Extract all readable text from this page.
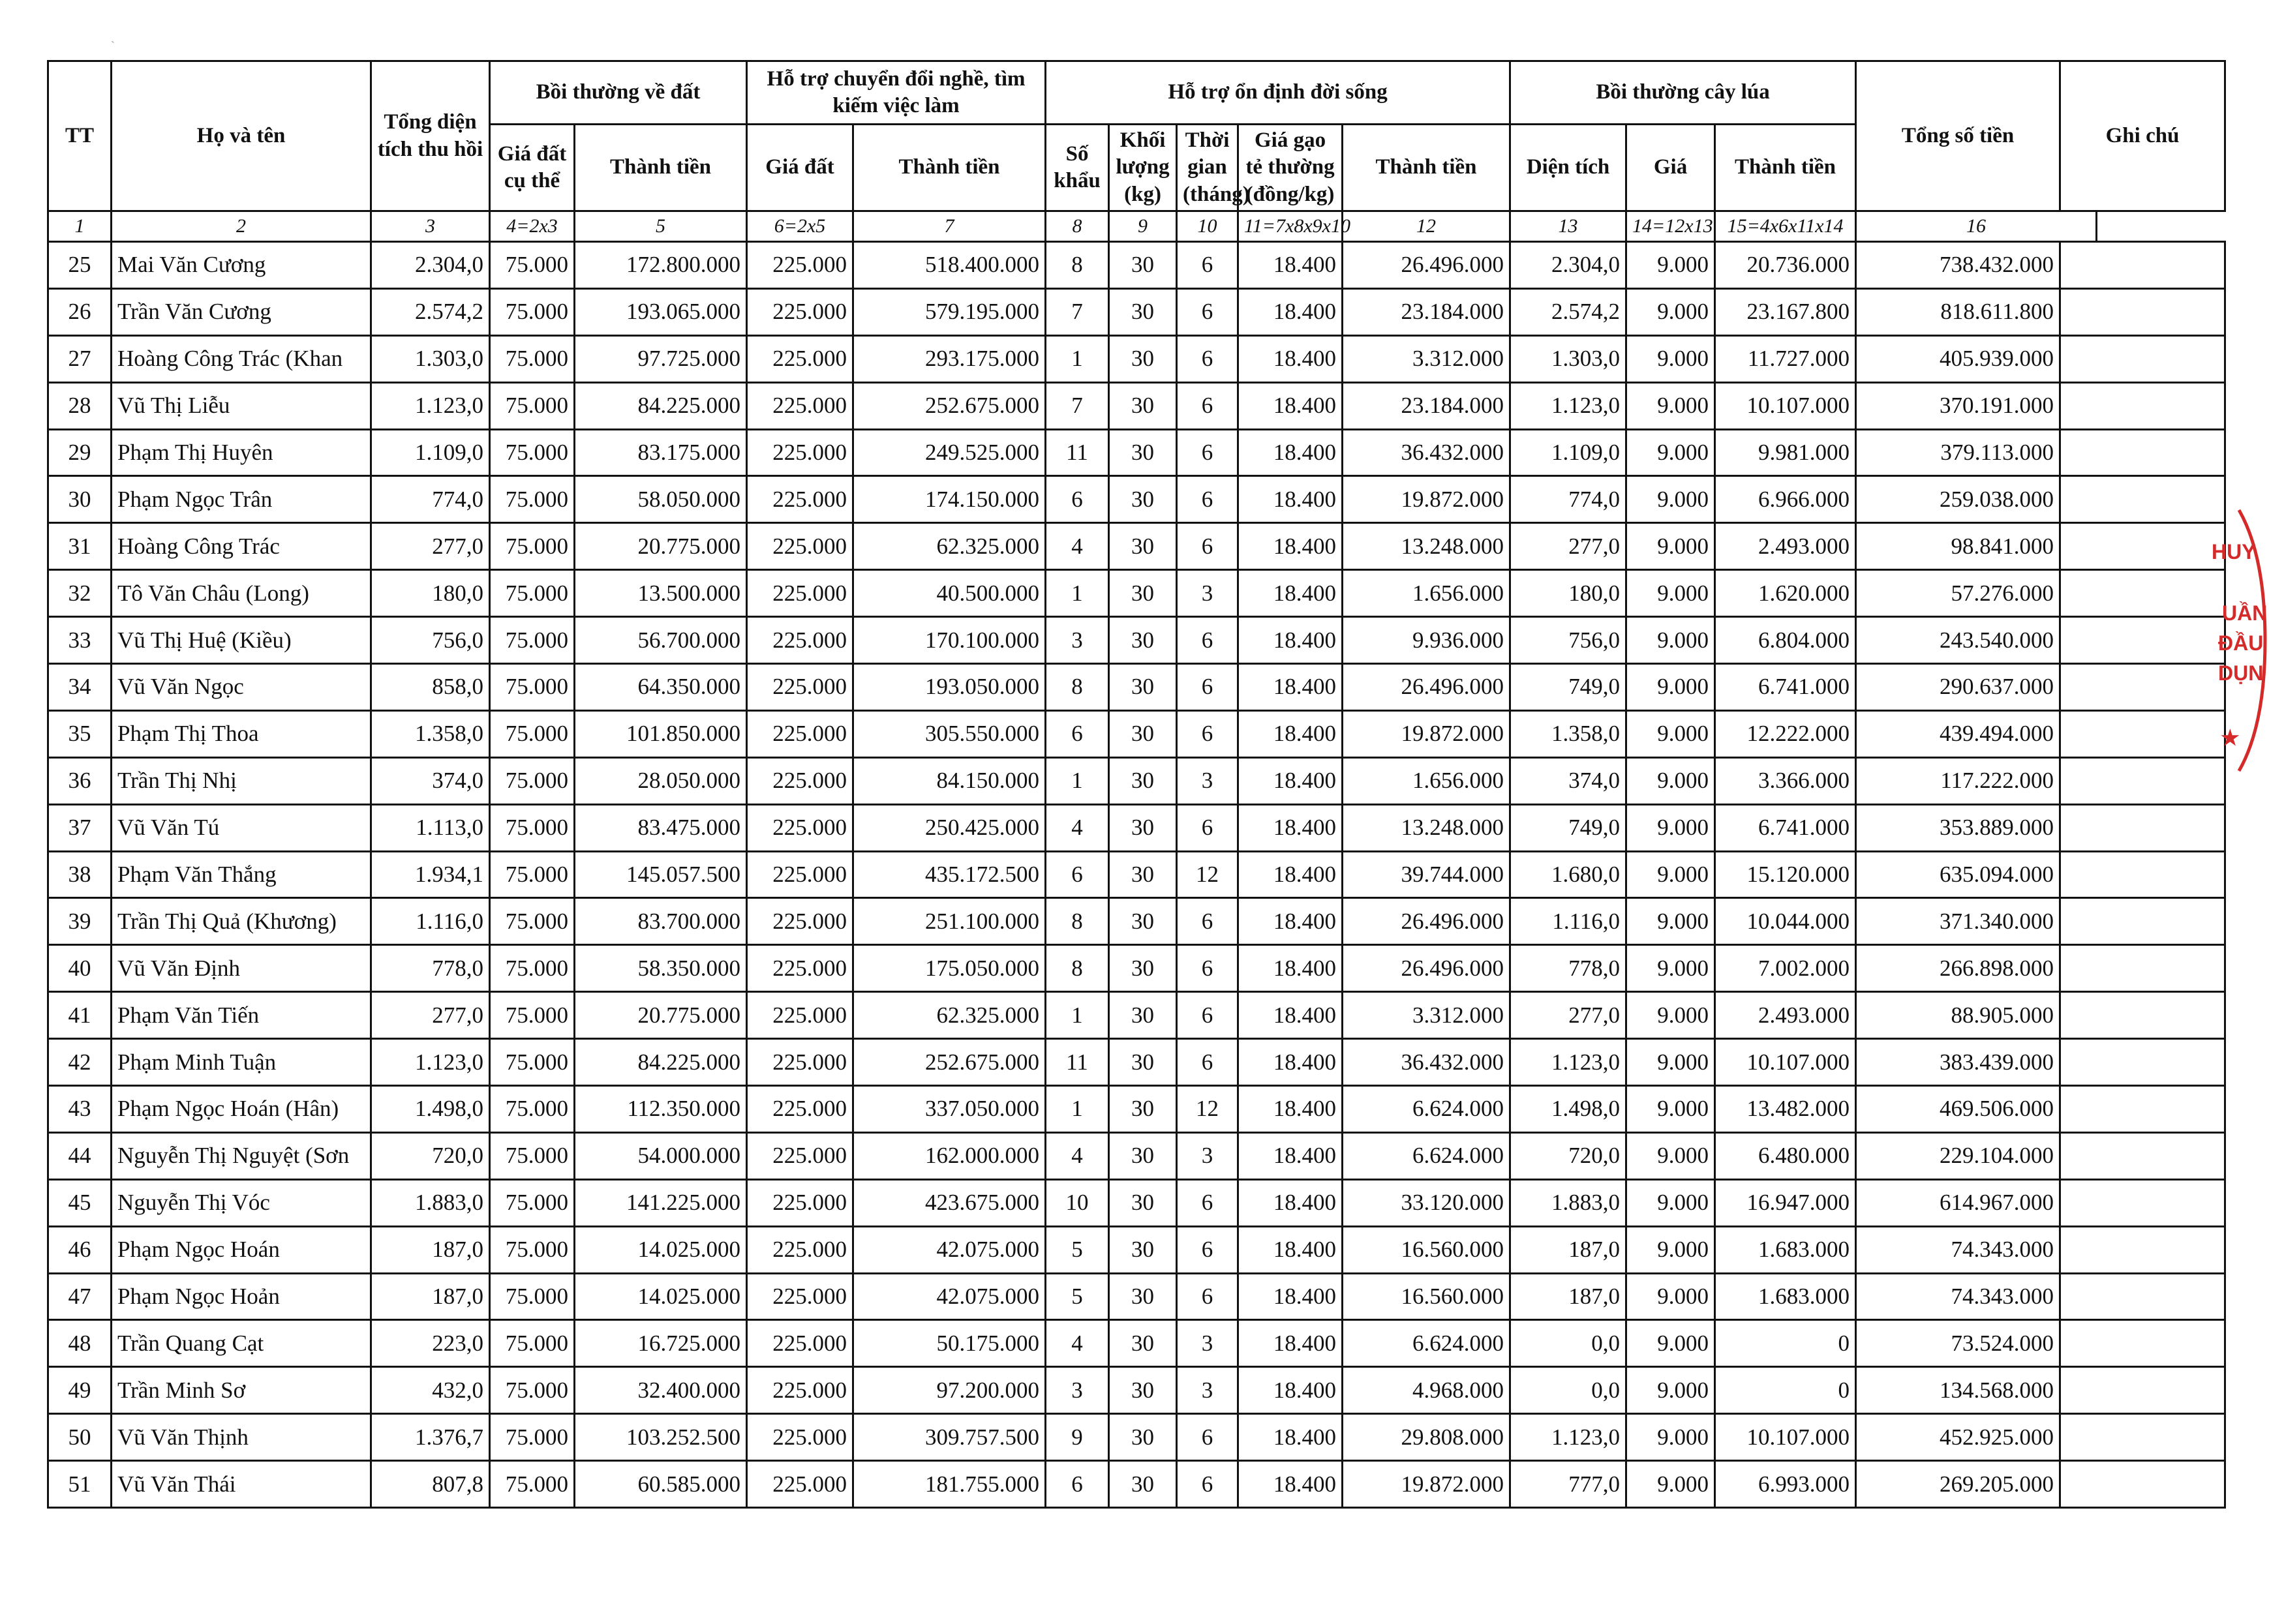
`
TT	Họ và tên	Tổng diện tích thu hồi	Bồi thường về đất		Hỗ trợ chuyển đổi nghề, tìm kiếm việc làm		Hỗ trợ ổn định đời sống					Bồi thường cây lúa			Tổng số tiền	Ghi chú
			Giá đất cụ thể	Thành tiền	Giá đất	Thành tiền	Số khẩu	Khối lượng (kg)	Thời gian (tháng)	Giá gạo tẻ thường (đồng/kg)	Thành tiền	Diện tích	Giá	Thành tiền		
1	2	3	4=2x3	5	6=2x5	7	8	9	10	11=7x8x9x10	12	13	14=12x13	15=4x6x11x14	16	
25	Mai Văn Cương	2.304,0	75.000	172.800.000	225.000	518.400.000	8	30	6	18.400	26.496.000	2.304,0	9.000	20.736.000	738.432.000	
26	Trần Văn Cương	2.574,2	75.000	193.065.000	225.000	579.195.000	7	30	6	18.400	23.184.000	2.574,2	9.000	23.167.800	818.611.800	
27	Hoàng Công Trác (Khan	1.303,0	75.000	97.725.000	225.000	293.175.000	1	30	6	18.400	3.312.000	1.303,0	9.000	11.727.000	405.939.000	
28	Vũ Thị Liễu	1.123,0	75.000	84.225.000	225.000	252.675.000	7	30	6	18.400	23.184.000	1.123,0	9.000	10.107.000	370.191.000	
29	Phạm Thị Huyên	1.109,0	75.000	83.175.000	225.000	249.525.000	11	30	6	18.400	36.432.000	1.109,0	9.000	9.981.000	379.113.000	
30	Phạm Ngọc Trân	774,0	75.000	58.050.000	225.000	174.150.000	6	30	6	18.400	19.872.000	774,0	9.000	6.966.000	259.038.000	
31	Hoàng Công Trác	277,0	75.000	20.775.000	225.000	62.325.000	4	30	6	18.400	13.248.000	277,0	9.000	2.493.000	98.841.000	
32	Tô Văn Châu (Long)	180,0	75.000	13.500.000	225.000	40.500.000	1	30	3	18.400	1.656.000	180,0	9.000	1.620.000	57.276.000	
33	Vũ Thị Huệ (Kiều)	756,0	75.000	56.700.000	225.000	170.100.000	3	30	6	18.400	9.936.000	756,0	9.000	6.804.000	243.540.000	
34	Vũ Văn Ngọc	858,0	75.000	64.350.000	225.000	193.050.000	8	30	6	18.400	26.496.000	749,0	9.000	6.741.000	290.637.000	
35	Phạm Thị Thoa	1.358,0	75.000	101.850.000	225.000	305.550.000	6	30	6	18.400	19.872.000	1.358,0	9.000	12.222.000	439.494.000	
36	Trần Thị Nhị	374,0	75.000	28.050.000	225.000	84.150.000	1	30	3	18.400	1.656.000	374,0	9.000	3.366.000	117.222.000	
37	Vũ Văn Tú	1.113,0	75.000	83.475.000	225.000	250.425.000	4	30	6	18.400	13.248.000	749,0	9.000	6.741.000	353.889.000	
38	Phạm Văn Thắng	1.934,1	75.000	145.057.500	225.000	435.172.500	6	30	12	18.400	39.744.000	1.680,0	9.000	15.120.000	635.094.000	
39	Trần Thị Quả (Khương)	1.116,0	75.000	83.700.000	225.000	251.100.000	8	30	6	18.400	26.496.000	1.116,0	9.000	10.044.000	371.340.000	
40	Vũ Văn Định	778,0	75.000	58.350.000	225.000	175.050.000	8	30	6	18.400	26.496.000	778,0	9.000	7.002.000	266.898.000	
41	Phạm Văn Tiến	277,0	75.000	20.775.000	225.000	62.325.000	1	30	6	18.400	3.312.000	277,0	9.000	2.493.000	88.905.000	
42	Phạm Minh Tuận	1.123,0	75.000	84.225.000	225.000	252.675.000	11	30	6	18.400	36.432.000	1.123,0	9.000	10.107.000	383.439.000	
43	Phạm Ngọc Hoán (Hân)	1.498,0	75.000	112.350.000	225.000	337.050.000	1	30	12	18.400	6.624.000	1.498,0	9.000	13.482.000	469.506.000	
44	Nguyễn Thị Nguyệt (Sơn	720,0	75.000	54.000.000	225.000	162.000.000	4	30	3	18.400	6.624.000	720,0	9.000	6.480.000	229.104.000	
45	Nguyễn Thị Vóc	1.883,0	75.000	141.225.000	225.000	423.675.000	10	30	6	18.400	33.120.000	1.883,0	9.000	16.947.000	614.967.000	
46	Phạm Ngọc Hoán	187,0	75.000	14.025.000	225.000	42.075.000	5	30	6	18.400	16.560.000	187,0	9.000	1.683.000	74.343.000	
47	Phạm Ngọc Hoản	187,0	75.000	14.025.000	225.000	42.075.000	5	30	6	18.400	16.560.000	187,0	9.000	1.683.000	74.343.000	
48	Trần Quang Cạt	223,0	75.000	16.725.000	225.000	50.175.000	4	30	3	18.400	6.624.000	0,0	9.000	0	73.524.000	
49	Trần Minh Sơ	432,0	75.000	32.400.000	225.000	97.200.000	3	30	3	18.400	4.968.000	0,0	9.000	0	134.568.000	
50	Vũ Văn Thịnh	1.376,7	75.000	103.252.500	225.000	309.757.500	9	30	6	18.400	29.808.000	1.123,0	9.000	10.107.000	452.925.000	
51	Vũ Văn Thái	807,8	75.000	60.585.000	225.000	181.755.000	6	30	6	18.400	19.872.000	777,0	9.000	6.993.000	269.205.000	
HUY
UẦN
ĐẦU
DỤN
★
